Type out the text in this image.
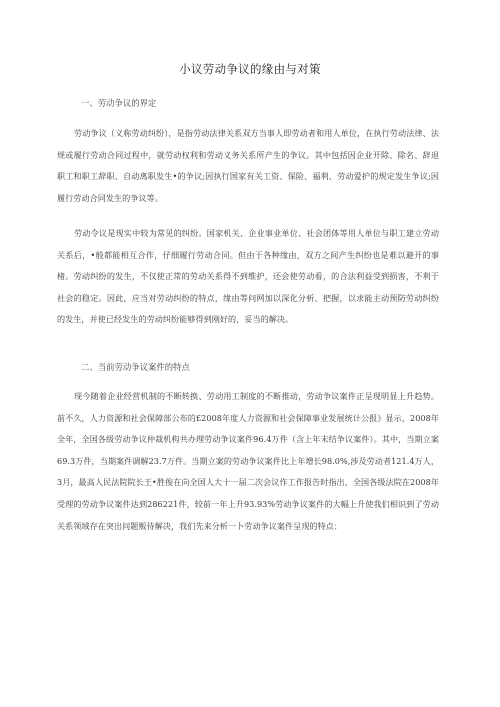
小议劳动争议的缘由与对策
一、劳动争议的界定

劳动争议（义称劳动纠纷），是指劳动法律关系双方当事人即劳动者和用人单位，在执行劳动法律、法规或履行劳动合同过程中，就劳动权利和劳动义务关系所产生的争议。其中包括因企业开除、除名、辞退职工和职工辞职、自动离职发生•的争议;因执行国家有关工资、保险、福利、劳动爱护的规定发生争议;因履行劳动合同发生的争议等。

劳动令议是现实中较为常见的纠纷。国家机关、企业事业单位、社会团体等用人单位与职工建立劳动关系后，•般都能相互合作，仔细履行劳动合同。但由于各种缘由，双方之间产生纠纷也是难以避开的事楮。劳动纠纷的发生，不仅使正常的劳动关系得不到维护，还会使劳动看，的合法利益受到损害，不利于社会的稳定。因此，应当对劳动纠纷的特点，缘由等问网加以深化分析、把握，以求能主动预防劳动纠纷的发生，并使已经发生的劳动纠纷能够得到刚好的，妥当的解决。

二、当前劳动争议案件的特点

现今随着企业经营机制的不断转换、劳动用工制度的不断推动，劳动争议案件正呈现明显上升趋势。前不久，人力资源和社会保障部公布的£2008年度人力资源和社会保障事业发展统计公报》显示，2008年全年，全国各级劳动争议仲裁机构共办理劳动争议案件96.4万件（含上年末结争议案件）。其中，当期立案69.3万件，当期案件调解23.7万件。当期立案的劳动争议案件比上年增长98.0%,涉及劳动者121.4万人，3月，最高人民法院院长王•胜俊在向全国人大十一届二次会议作工作报告时指出，全国各级法院在2008年受理的劳动争议案件达到286221件，较前一年上升93.93%劳动争议案件的大幅上升使我们相识到了劳动关系领域存在突出问题贩待解决，我们先来分析一卜劳动争议案件呈现的特点：
